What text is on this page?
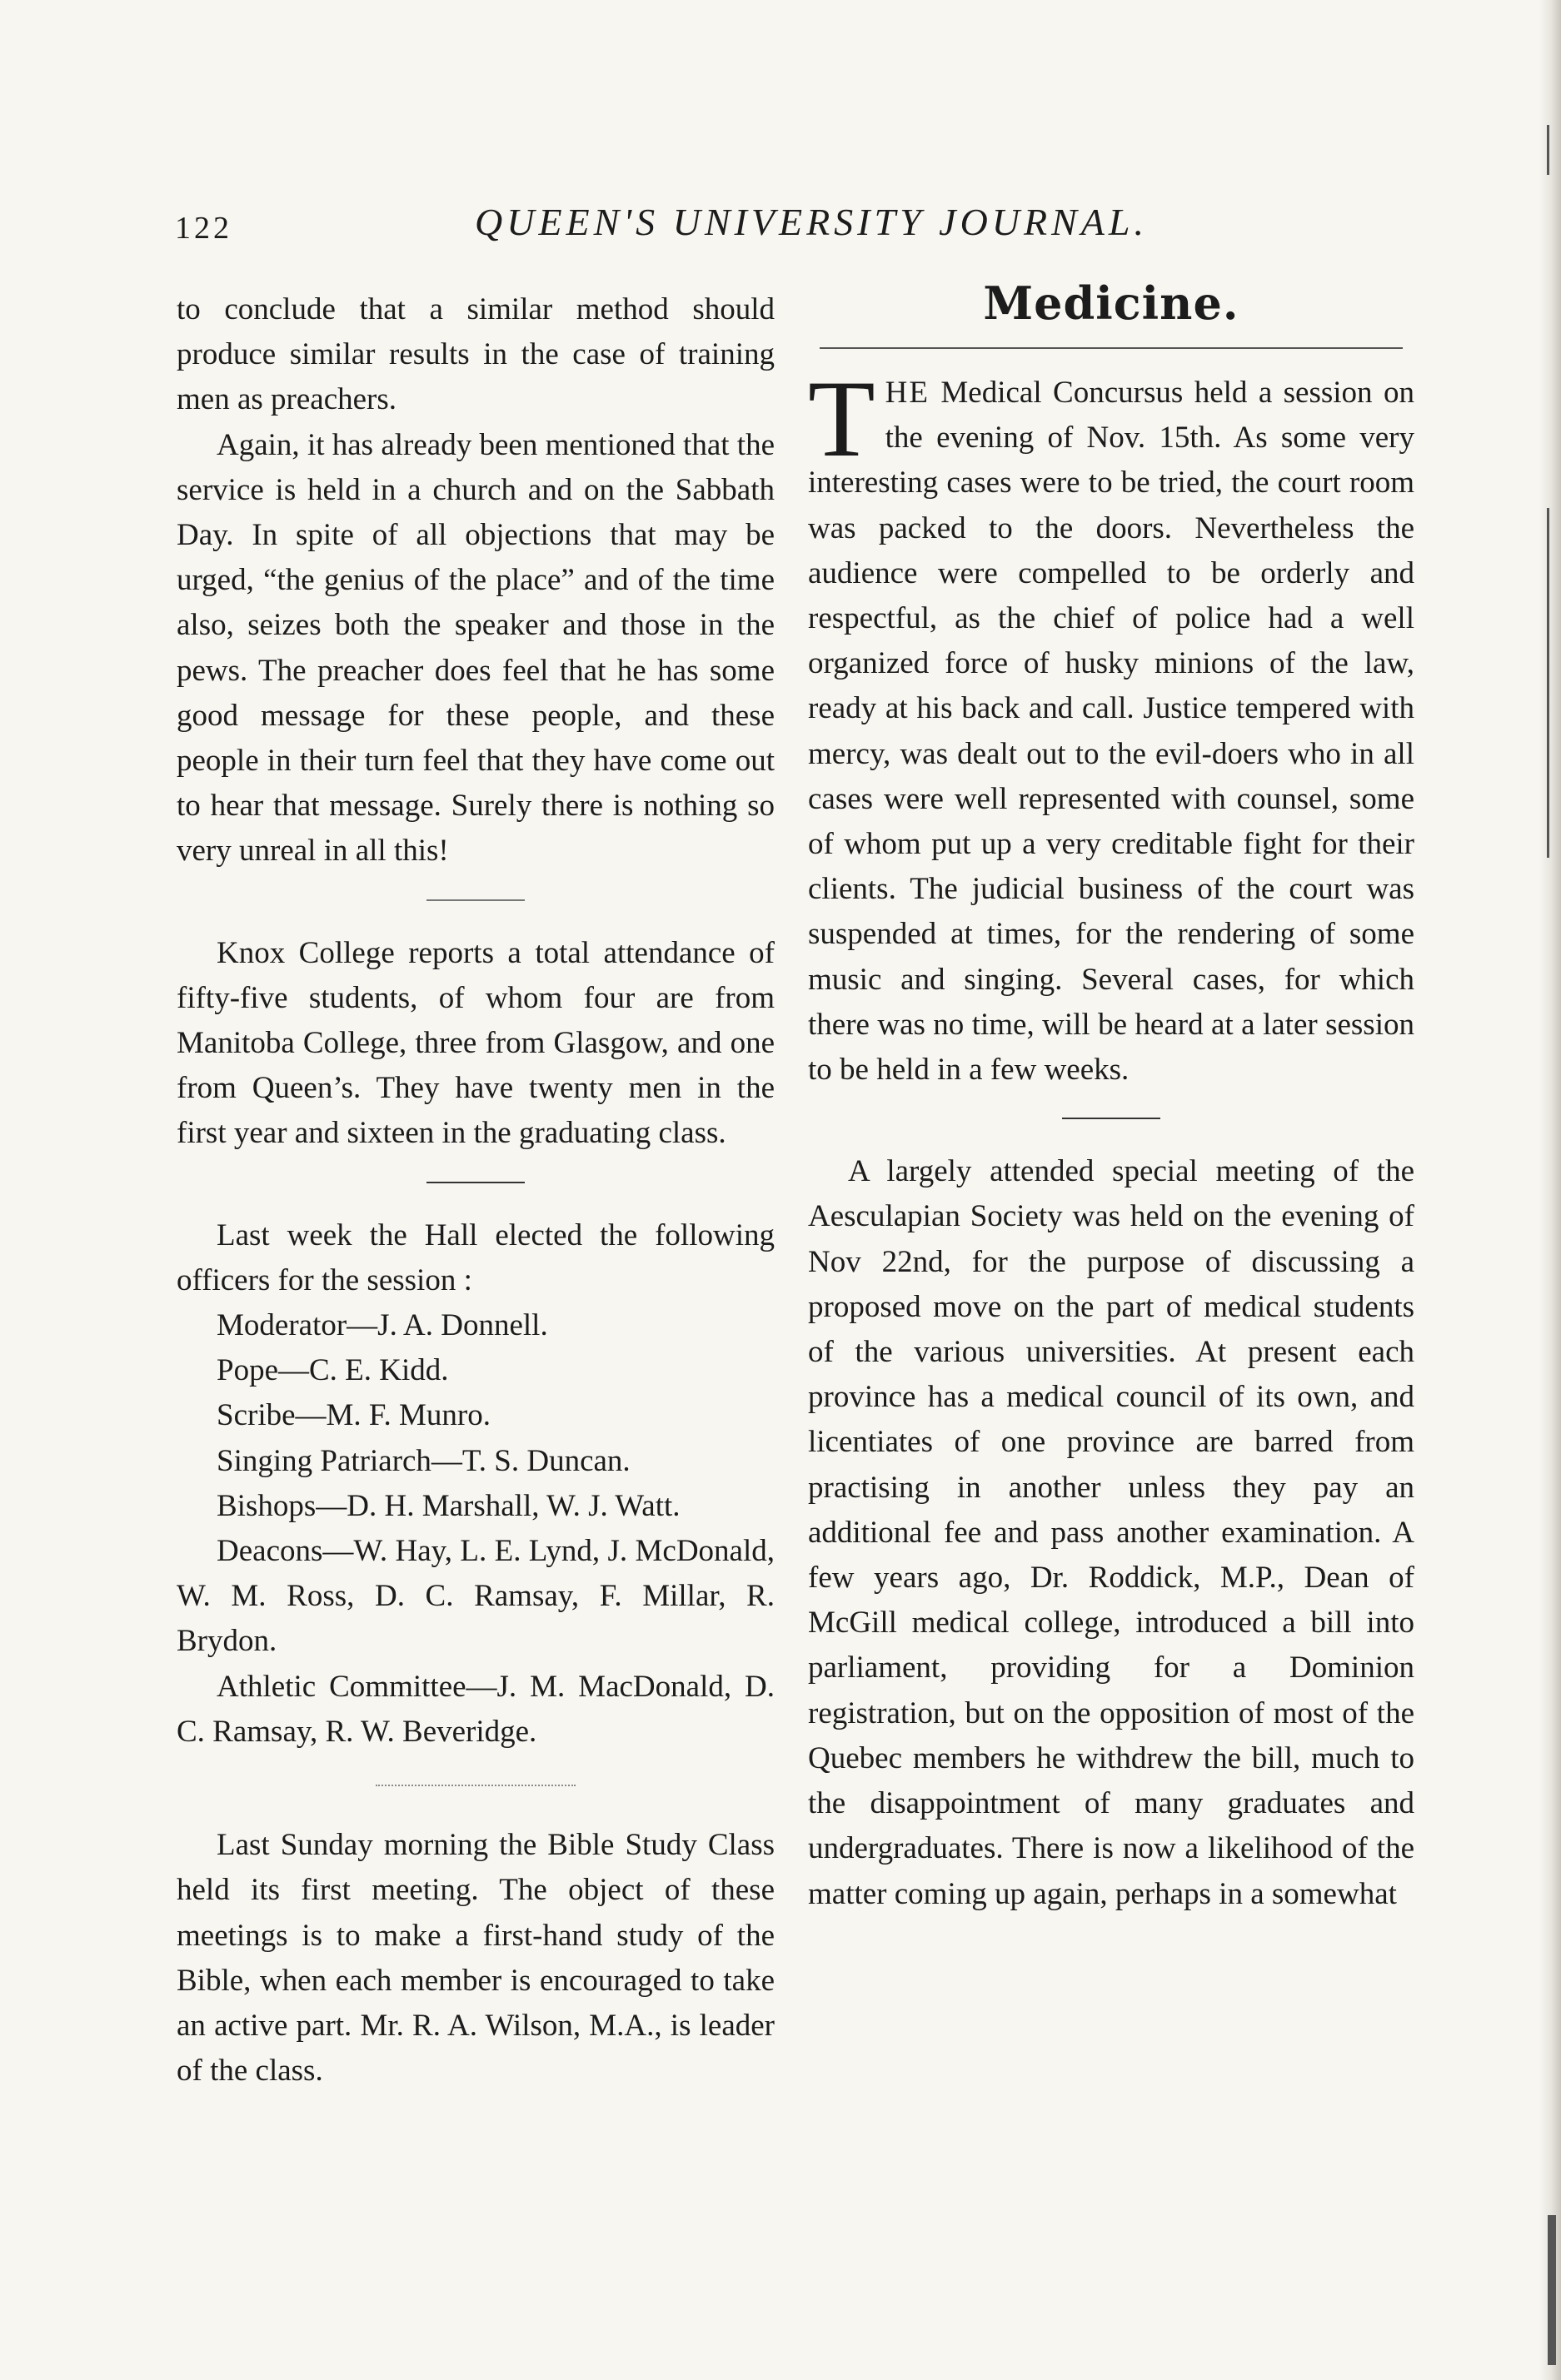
122	QUEEN'S UNIVERSITY JOURNAL.

to conclude that a similar method should produce similar results in the case of training men as preachers.

Again, it has already been mentioned that the service is held in a church and on the Sabbath Day. In spite of all objections that may be urged, “the genius of the place” and of the time also, seizes both the speaker and those in the pews. The preacher does feel that he has some good message for these people, and these people in their turn feel that they have come out to hear that message. Surely there is nothing so very unreal in all this!

Knox College reports a total attendance of fifty-five students, of whom four are from Manitoba College, three from Glasgow, and one from Queen’s. They have twenty men in the first year and sixteen in the graduating class.

Last week the Hall elected the following officers for the session :

Moderator—J. A. Donnell.
Pope—C. E. Kidd.
Scribe—M. F. Munro.
Singing Patriarch—T. S. Duncan.
Bishops—D. H. Marshall, W. J. Watt.
Deacons—W. Hay, L. E. Lynd, J. McDonald, W. M. Ross, D. C. Ramsay, F. Millar, R. Brydon.
Athletic Committee—J. M. MacDonald, D. C. Ramsay, R. W. Beveridge.

Last Sunday morning the Bible Study Class held its first meeting. The object of these meetings is to make a first-hand study of the Bible, when each member is encouraged to take an active part. Mr. R. A. Wilson, M.A., is leader of the class.

Medicine.

THE Medical Concursus held a session on the evening of Nov. 15th. As some very interesting cases were to be tried, the court room was packed to the doors. Nevertheless the audience were compelled to be orderly and respectful, as the chief of police had a well organized force of husky minions of the law, ready at his back and call. Justice tempered with mercy, was dealt out to the evil-doers who in all cases were well represented with counsel, some of whom put up a very creditable fight for their clients. The judicial business of the court was suspended at times, for the rendering of some music and singing. Several cases, for which there was no time, will be heard at a later session to be held in a few weeks.

A largely attended special meeting of the Aesculapian Society was held on the evening of Nov 22nd, for the purpose of discussing a proposed move on the part of medical students of the various universities. At present each province has a medical council of its own, and licentiates of one province are barred from practising in another unless they pay an additional fee and pass another examination. A few years ago, Dr. Roddick, M.P., Dean of McGill medical college, introduced a bill into parliament, providing for a Dominion registration, but on the opposition of most of the Quebec members he withdrew the bill, much to the disappointment of many graduates and undergraduates. There is now a likelihood of the matter coming up again, perhaps in a somewhat
